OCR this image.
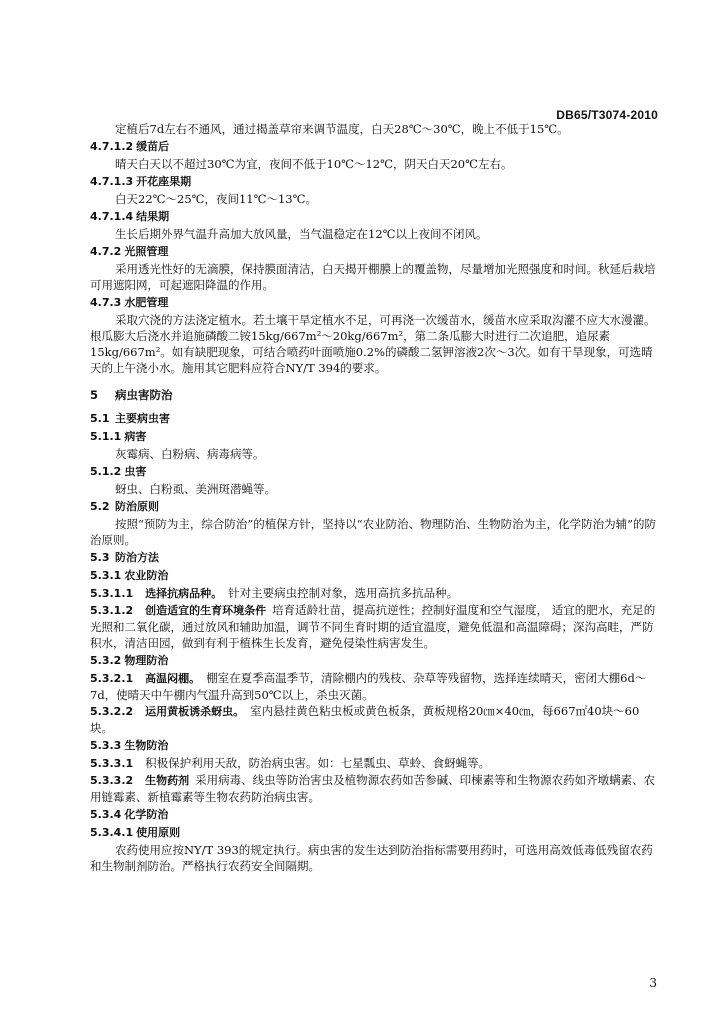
DB65/T3074-2010

定植后7d左右不通风，通过揭盖草帘来调节温度，白天28℃～30℃，晚上不低于15℃。

4.7.1.2 缓苗后

晴天白天以不超过30℃为宜，夜间不低于10℃～12℃，阴天白天20℃左右。

4.7.1.3 开花座果期

白天22℃～25℃，夜间11℃～13℃。

4.7.1.4 结果期

生长后期外界气温升高加大放风量，当气温稳定在12℃以上夜间不闭风。

4.7.2 光照管理

采用透光性好的无滴膜，保持膜面清洁，白天揭开棚膜上的覆盖物，尽量增加光照强度和时间。秋延后栽培可用遮阳网，可起遮阳降温的作用。

4.7.3 水肥管理

采取穴浇的方法浇定植水。若土壤干旱定植水不足，可再浇一次缓苗水，缓苗水应采取沟灌不应大水漫灌。根瓜膨大后浇水并追施磷酸二铵15kg/667m²～20kg/667m²，第二条瓜膨大时进行二次追肥，追尿素15kg/667m²。如有缺肥现象，可结合喷药叶面喷施0.2%的磷酸二氢钾溶液2次～3次。如有干旱现象，可选晴天的上午浇小水。施用其它肥料应符合NY/T 394的要求。

5 病虫害防治
5.1 主要病虫害
5.1.1 病害

灰霉病、白粉病、病毒病等。

5.1.2 虫害

蚜虫、白粉虱、美洲斑潜蝇等。

5.2 防治原则

按照“预防为主，综合防治”的植保方针，坚持以“农业防治、物理防治、生物防治为主，化学防治为辅”的防治原则。

5.3 防治方法
5.3.1 农业防治

5.3.1.1 选择抗病品种。 针对主要病虫控制对象，选用高抗多抗品种。

5.3.1.2 创造适宜的生育环境条件 培育适龄壮苗，提高抗逆性；控制好温度和空气湿度， 适宜的肥水，充足的光照和二氧化碳，通过放风和辅助加温，调节不同生育时期的适宜温度，避免低温和高温障碍；深沟高畦，严防积水，清洁田园，做到有利于植株生长发育，避免侵染性病害发生。

5.3.2 物理防治

5.3.2.1 高温闷棚。 棚室在夏季高温季节，清除棚内的残枝、杂草等残留物，选择连续晴天，密闭大棚6d～7d，使晴天中午棚内气温升高到50℃以上，杀虫灭菌。

5.3.2.2 运用黄板诱杀蚜虫。 室内悬挂黄色粘虫板或黄色板条，黄板规格20㎝×40㎝，每667㎡40块～60块。

5.3.3 生物防治

5.3.3.1 积极保护利用天敌，防治病虫害。如：七星瓢虫、草蛉、食蚜蝇等。

5.3.3.2 生物药剂 采用病毒、线虫等防治害虫及植物源农药如苦参碱、印楝素等和生物源农药如齐墩螨素、农用链霉素、新植霉素等生物农药防治病虫害。

5.3.4 化学防治
5.3.4.1 使用原则

农药使用应按NY/T 393的规定执行。病虫害的发生达到防治指标需要用药时，可选用高效低毒低残留农药和生物制剂防治。严格执行农药安全间隔期。

3
